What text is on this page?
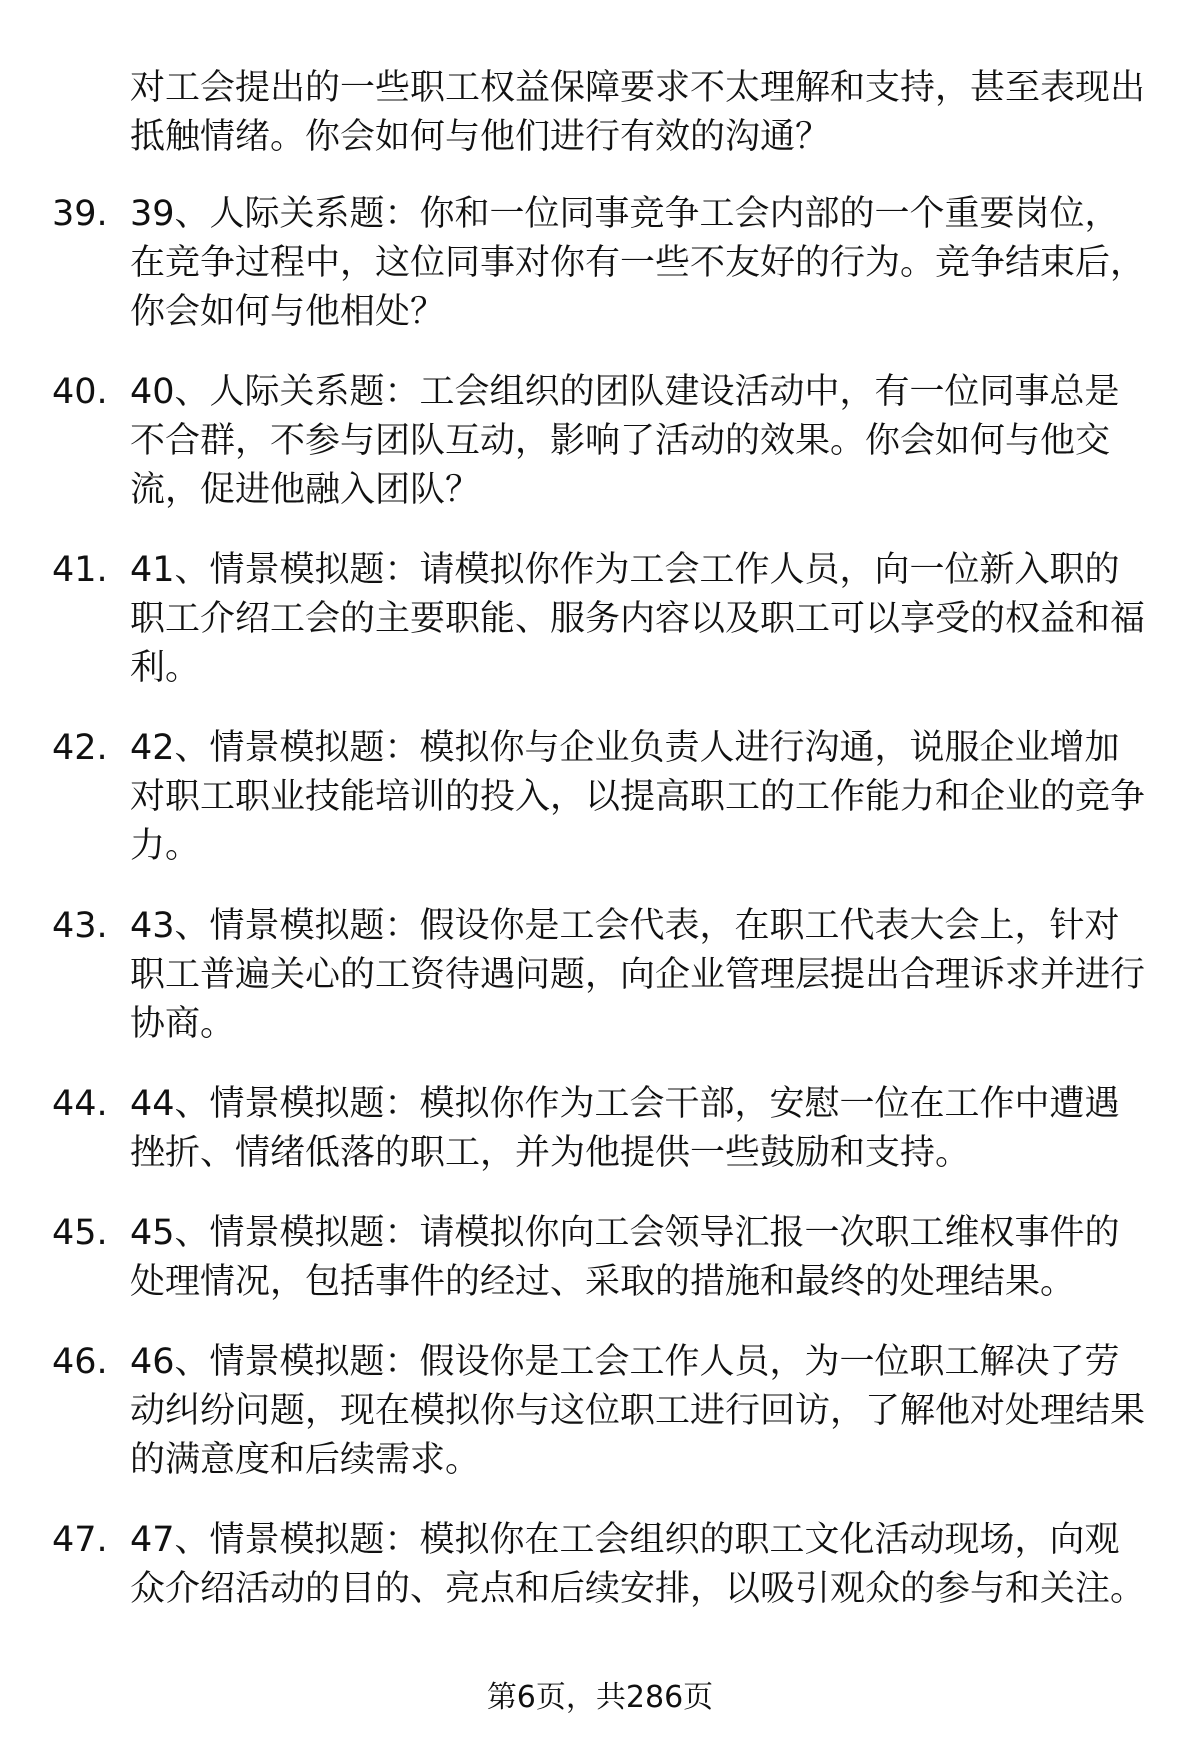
对工会提出的一些职工权益保障要求不太理解和支持，甚至表现出抵触情绪。你会如何与他们进行有效的沟通？
39. 39、人际关系题：你和一位同事竞争工会内部的一个重要岗位，在竞争过程中，这位同事对你有一些不友好的行为。竞争结束后，你会如何与他相处？
40. 40、人际关系题：工会组织的团队建设活动中，有一位同事总是不合群，不参与团队互动，影响了活动的效果。你会如何与他交流，促进他融入团队？
41. 41、情景模拟题：请模拟你作为工会工作人员，向一位新入职的职工介绍工会的主要职能、服务内容以及职工可以享受的权益和福利。
42. 42、情景模拟题：模拟你与企业负责人进行沟通，说服企业增加对职工职业技能培训的投入，以提高职工的工作能力和企业的竞争力。
43. 43、情景模拟题：假设你是工会代表，在职工代表大会上，针对职工普遍关心的工资待遇问题，向企业管理层提出合理诉求并进行协商。
44. 44、情景模拟题：模拟你作为工会干部，安慰一位在工作中遭遇挫折、情绪低落的职工，并为他提供一些鼓励和支持。
45. 45、情景模拟题：请模拟你向工会领导汇报一次职工维权事件的处理情况，包括事件的经过、采取的措施和最终的处理结果。
46. 46、情景模拟题：假设你是工会工作人员，为一位职工解决了劳动纠纷问题，现在模拟你与这位职工进行回访，了解他对处理结果的满意度和后续需求。
47. 47、情景模拟题：模拟你在工会组织的职工文化活动现场，向观众介绍活动的目的、亮点和后续安排，以吸引观众的参与和关注。
第6页，共286页
